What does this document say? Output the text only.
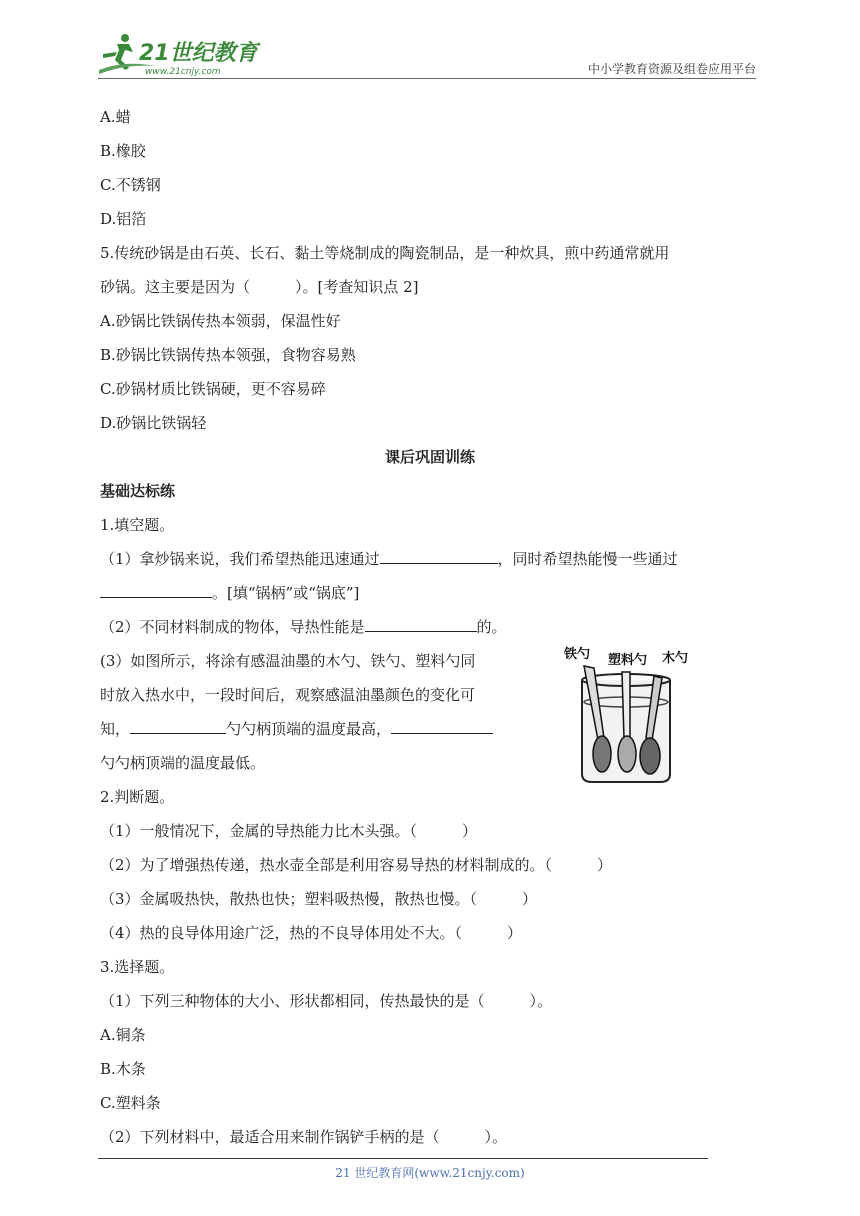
21世纪教育
www.21cnjy.com	中小学教育资源及组卷应用平台
A.蜡
B.橡胶
C.不锈钢
D.铝箔
5.传统砂锅是由石英、长石、黏土等烧制成的陶瓷制品，是一种炊具，煎中药通常就用
砂锅。这主要是因为（　　　）。[考查知识点 2]
A.砂锅比铁锅传热本领弱，保温性好
B.砂锅比铁锅传热本领强，食物容易熟
C.砂锅材质比铁锅硬，更不容易碎
D.砂锅比铁锅轻
课后巩固训练
基础达标练
1.填空题。
（1）拿炒锅来说，我们希望热能迅速通过	，同时希望热能慢一些通过
。[填“锅柄”或“锅底”]
（2）不同材料制成的物体，导热性能是	的。
(3）如图所示，将涂有感温油墨的木勺、铁勺、塑料勺同
时放入热水中，一段时间后，观察感温油墨颜色的变化可
知，	勺勺柄顶端的温度最高，
勺勺柄顶端的温度最低。
2.判断题。
（1）一般情况下，金属的导热能力比木头强。（　　　）
（2）为了增强热传递，热水壶全部是利用容易导热的材料制成的。（　　　）
（3）金属吸热快，散热也快；塑料吸热慢，散热也慢。（　　　）
（4）热的良导体用途广泛，热的不良导体用处不大。（　　　）
3.选择题。
（1）下列三种物体的大小、形状都相同，传热最快的是（　　　）。
A.铜条
B.木条
C.塑料条
（2）下列材料中，最适合用来制作锅铲手柄的是（　　　）。
铁勺 塑料勺 木勺
21 世纪教育网(www.21cnjy.com)
